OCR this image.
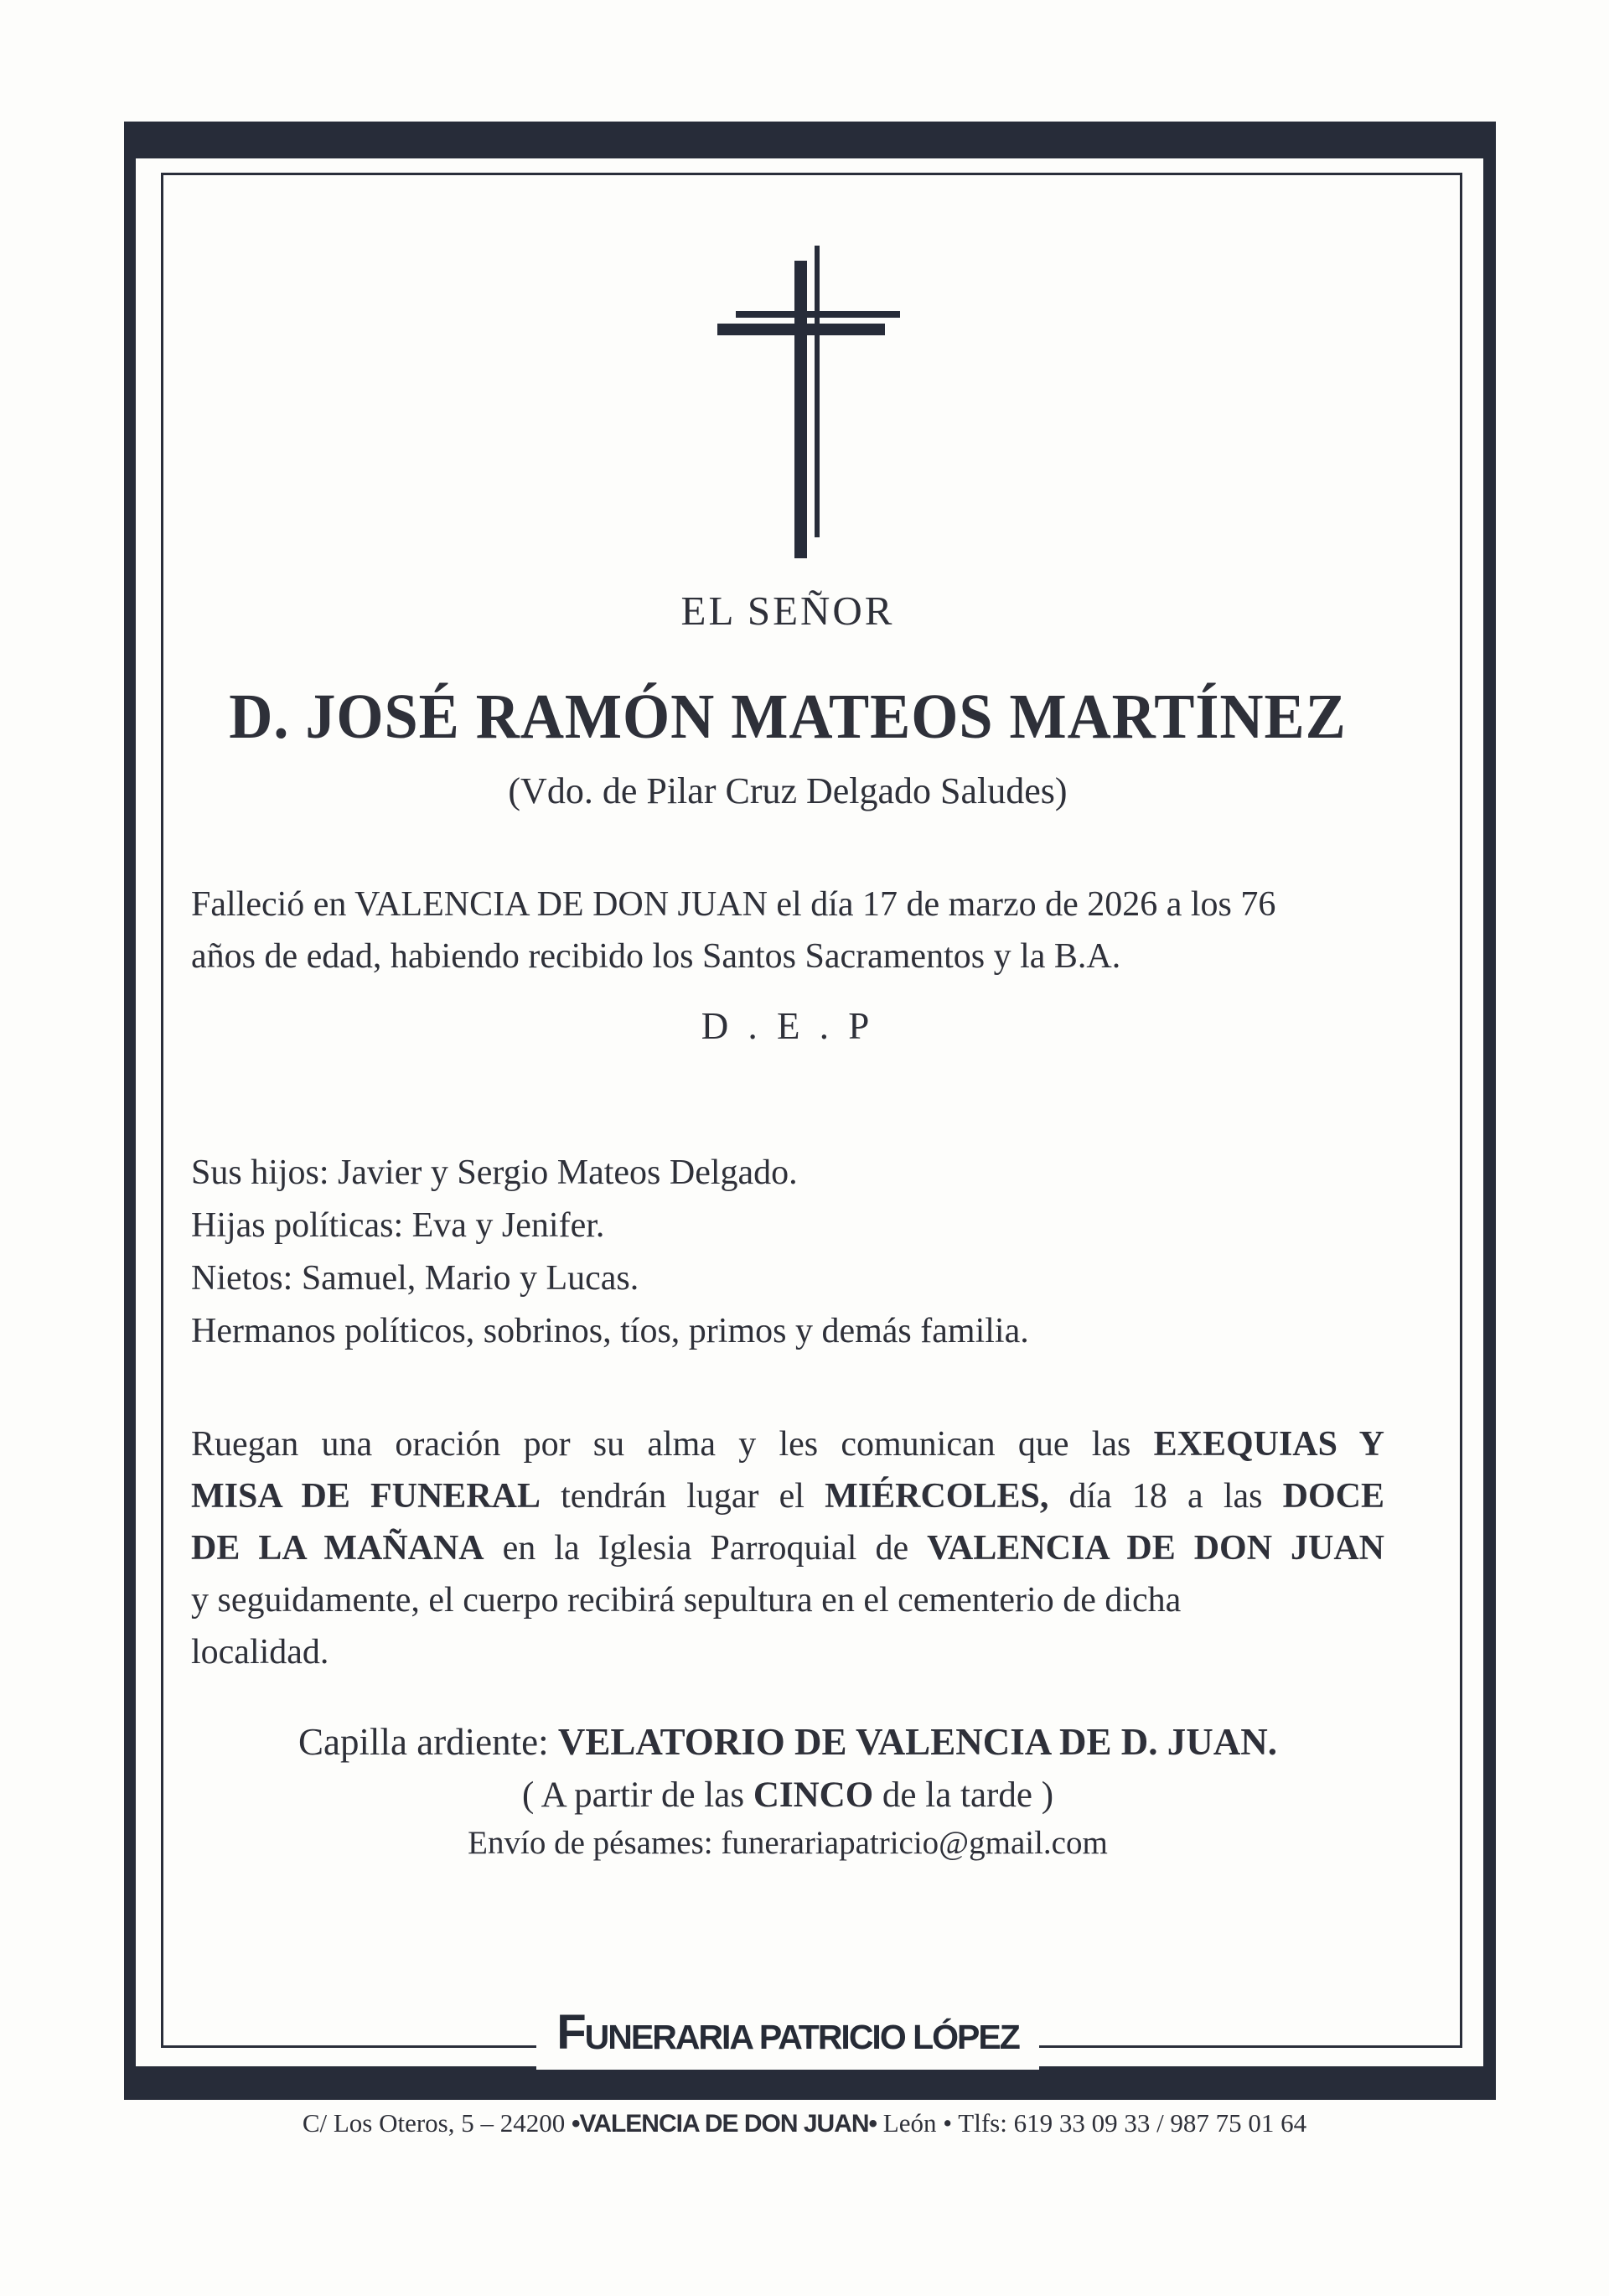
EL SEÑOR
D. JOSÉ RAMÓN MATEOS MARTÍNEZ
(Vdo. de Pilar Cruz Delgado Saludes)
Falleció en VALENCIA DE DON JUAN el día 17 de marzo de 2026 a los 76
años de edad, habiendo recibido los Santos Sacramentos y la B.A.
D . E . P
Sus hijos: Javier y Sergio Mateos Delgado.
Hijas políticas: Eva y Jenifer.
Nietos: Samuel, Mario y Lucas.
Hermanos políticos, sobrinos, tíos, primos y demás familia.
Ruegan una oración por su alma y les comunican que las EXEQUIAS Y
MISA DE FUNERAL tendrán lugar el MIÉRCOLES, día 18 a las DOCE
DE LA MAÑANA en la Iglesia Parroquial de VALENCIA DE DON JUAN
y seguidamente, el cuerpo recibirá sepultura en el cementerio de dicha
localidad.
Capilla ardiente: VELATORIO DE VALENCIA DE D. JUAN.
( A partir de las CINCO de la tarde )
Envío de pésames: funerariapatricio@gmail.com
FUNERARIA PATRICIO LÓPEZ
C/ Los Oteros, 5 – 24200 •VALENCIA DE DON JUAN• León • Tlfs: 619 33 09 33 / 987 75 01 64
